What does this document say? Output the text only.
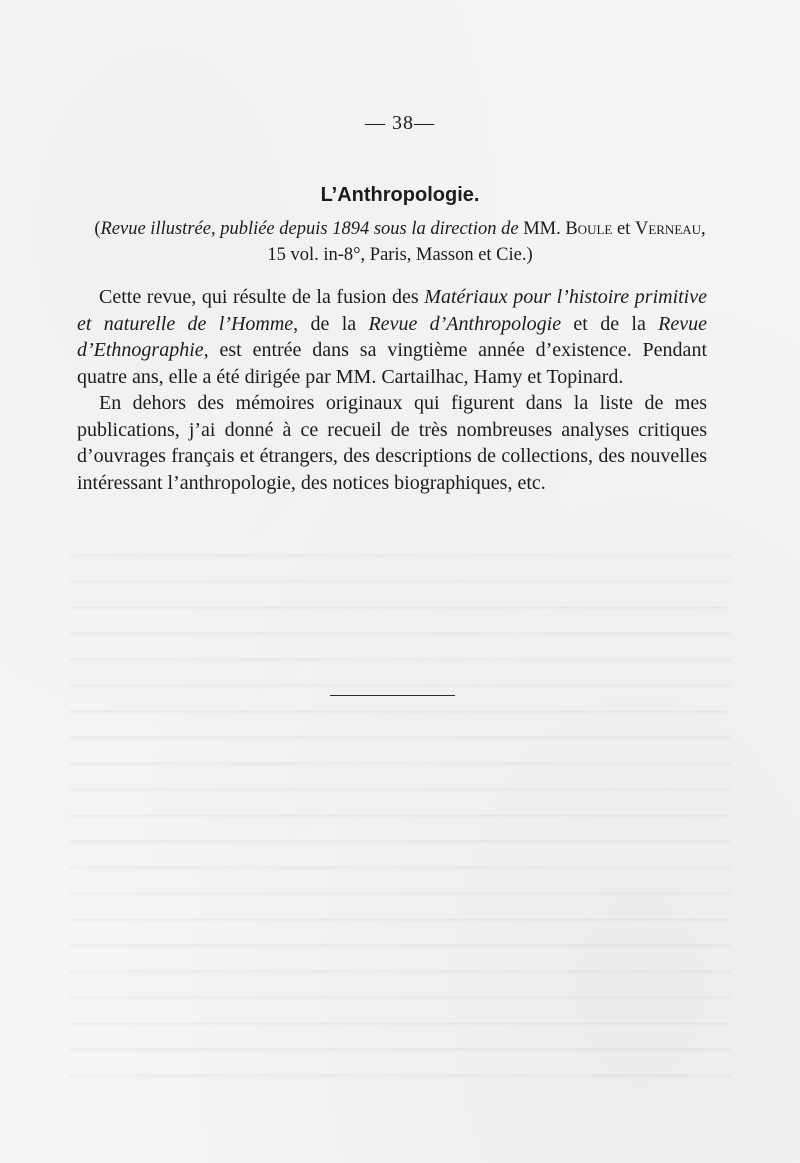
— 38—
L’Anthropologie.
(Revue illustrée, publiée depuis 1894 sous la direction de MM. Boule et Verneau,
15 vol. in-8°, Paris, Masson et Cie.)

Cette revue, qui résulte de la fusion des Matériaux pour l’histoire primitive et naturelle de l’Homme, de la Revue d’Anthropologie et de la Revue d’Ethnographie, est entrée dans sa vingtième année d’existence. Pendant quatre ans, elle a été dirigée par MM. Cartailhac, Hamy et Topinard.

En dehors des mémoires originaux qui figurent dans la liste de mes publications, j’ai donné à ce recueil de très nombreuses analyses critiques d’ouvrages français et étrangers, des descriptions de collections, des nouvelles intéressant l’anthropologie, des notices biographiques, etc.
